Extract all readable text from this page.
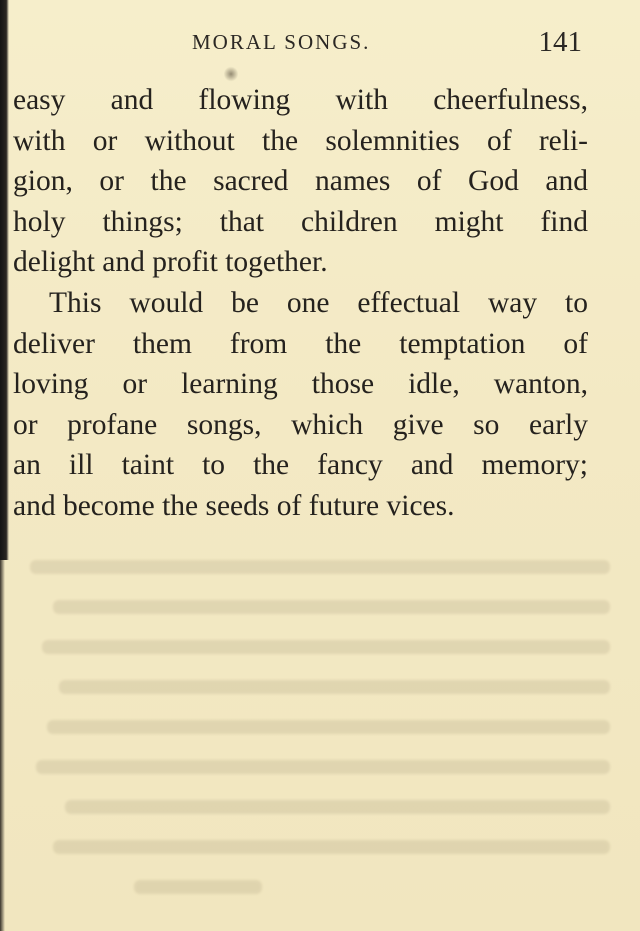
MORAL SONGS.	141
easy and flowing with cheerfulness,
with or without the solemnities of reli-
gion, or the sacred names of God and
holy things; that children might find
delight and profit together.
This would be one effectual way to
deliver them from the temptation of
loving or learning those idle, wanton,
or profane songs, which give so early
an ill taint to the fancy and memory;
and become the seeds of future vices.
